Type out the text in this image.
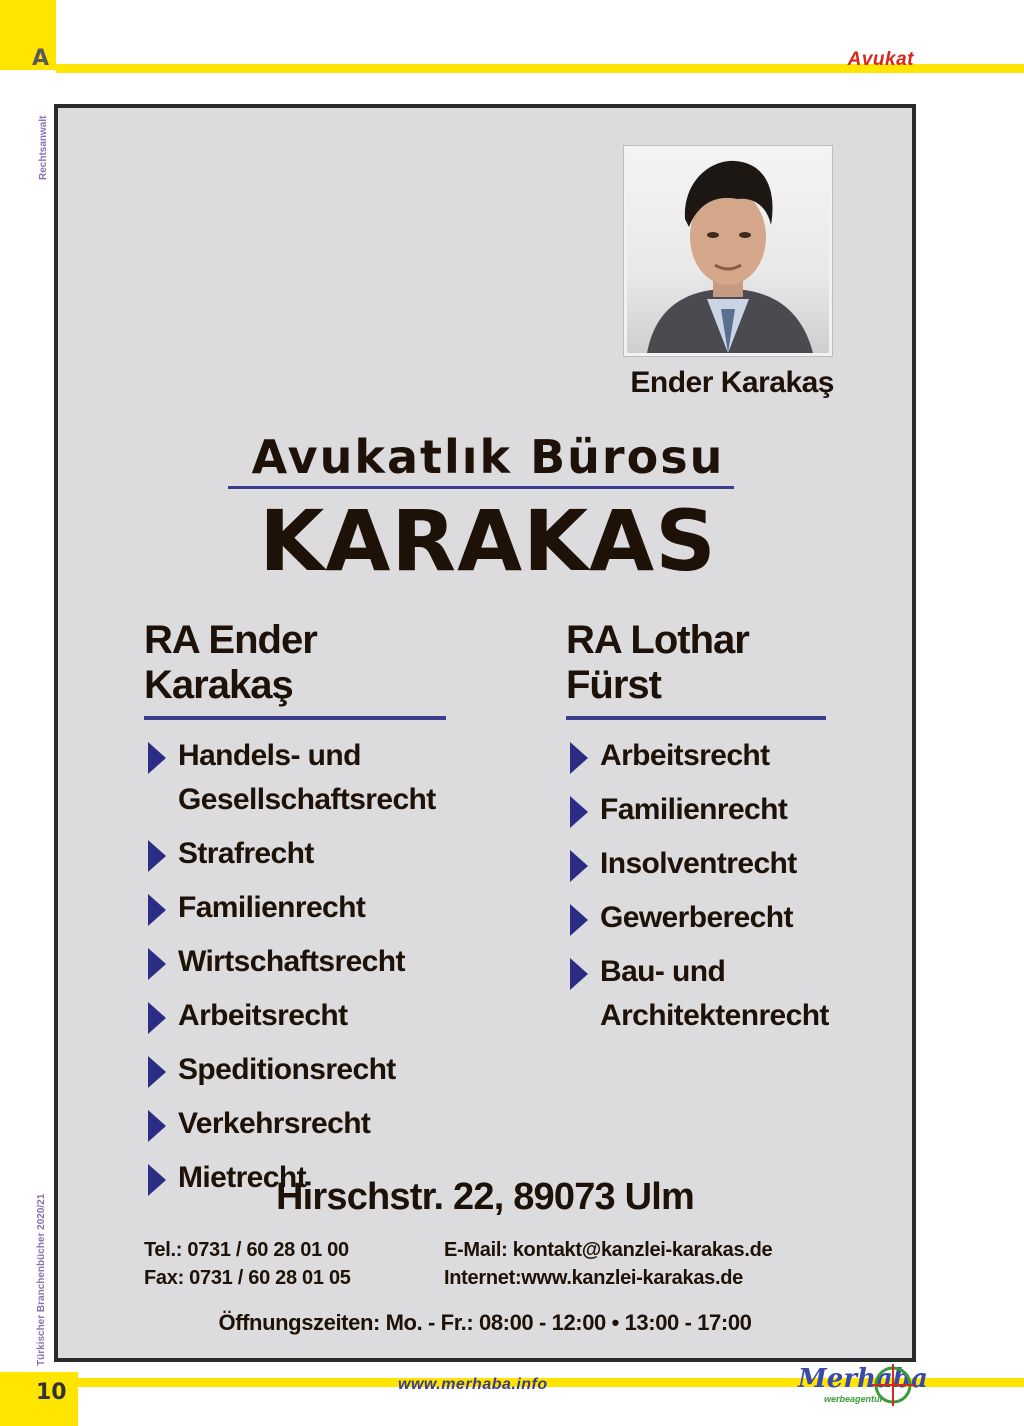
A	Avukat
Rechtsanwalt
Ender Karakaş
Avukatlık Bürosu
KARAKAS
RA Ender Karakaş
Handels- und
Gesellschaftsrecht
Strafrecht
Familienrecht
Wirtschaftsrecht
Arbeitsrecht
Speditionsrecht
Verkehrsrecht
Mietrecht
RA Lothar Fürst
Arbeitsrecht
Familienrecht
Insolventrecht
Gewerberecht
Bau- und
Architektenrecht
Hirschstr. 22, 89073 Ulm
Tel.: 0731 / 60 28 01 00
Fax: 0731 / 60 28 01 05
E-Mail: kontakt@kanzlei-karakas.de
Internet:www.kanzlei-karakas.de
Öffnungszeiten: Mo. - Fr.: 08:00 - 12:00 • 13:00 - 17:00
Türkischer Branchenbücher 2020/21
10	www.merhaba.info	Merhaba
werbeagentur
